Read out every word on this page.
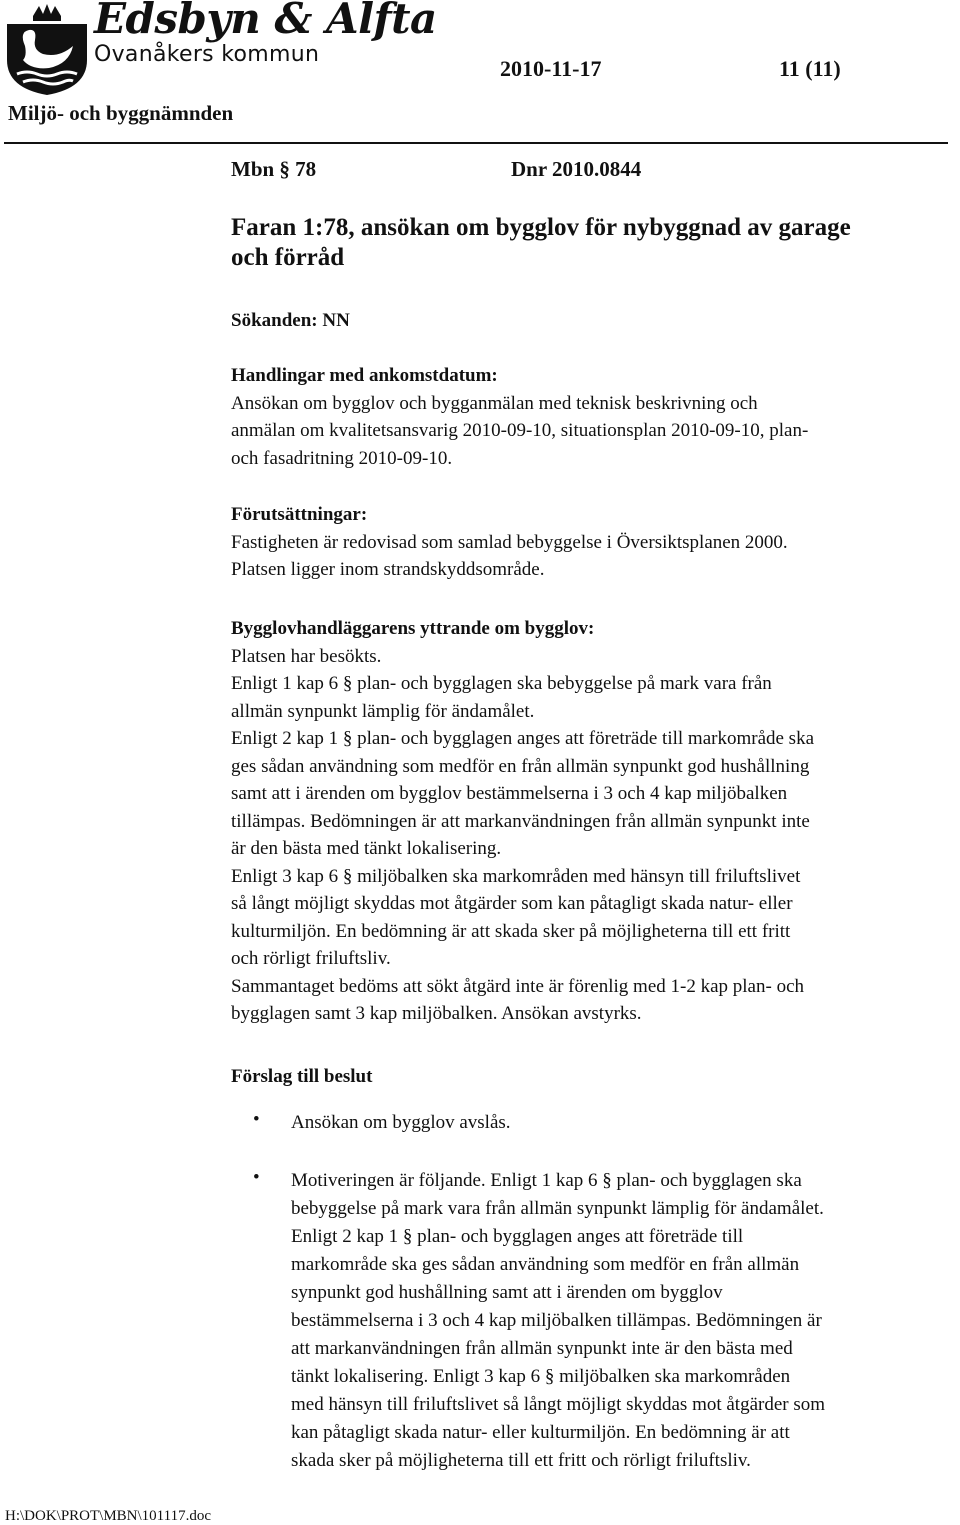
Edsbyn & Alfta
Ovanåkers kommun
2010-11-17	11 (11)
Miljö- och byggnämnden
Mbn § 78	Dnr 2010.0844
Faran 1:78, ansökan om bygglov för nybyggnad av garage
och förråd
Sökanden: NN
Handlingar med ankomstdatum:
Ansökan om bygglov och bygganmälan med teknisk beskrivning och
anmälan om kvalitetsansvarig 2010-09-10, situationsplan 2010-09-10, plan-
och fasadritning 2010-09-10.
Förutsättningar:
Fastigheten är redovisad som samlad bebyggelse i Översiktsplanen 2000.
Platsen ligger inom strandskyddsområde.
Bygglovhandläggarens yttrande om bygglov:
Platsen har besökts.
Enligt 1 kap 6 § plan- och bygglagen ska bebyggelse på mark vara från
allmän synpunkt lämplig för ändamålet.
Enligt 2 kap 1 § plan- och bygglagen anges att företräde till markområde ska
ges sådan användning som medför en från allmän synpunkt god hushållning
samt att i ärenden om bygglov bestämmelserna i 3 och 4 kap miljöbalken
tillämpas. Bedömningen är att markanvändningen från allmän synpunkt inte
är den bästa med tänkt lokalisering.
Enligt 3 kap 6 § miljöbalken ska markområden med hänsyn till friluftslivet
så långt möjligt skyddas mot åtgärder som kan påtagligt skada natur- eller
kulturmiljön. En bedömning är att skada sker på möjligheterna till ett fritt
och rörligt friluftsliv.
Sammantaget bedöms att sökt åtgärd inte är förenlig med 1-2 kap plan- och
bygglagen samt 3 kap miljöbalken. Ansökan avstyrks.
Förslag till beslut
• Ansökan om bygglov avslås.
• Motiveringen är följande. Enligt 1 kap 6 § plan- och bygglagen ska
bebyggelse på mark vara från allmän synpunkt lämplig för ändamålet.
Enligt 2 kap 1 § plan- och bygglagen anges att företräde till
markområde ska ges sådan användning som medför en från allmän
synpunkt god hushållning samt att i ärenden om bygglov
bestämmelserna i 3 och 4 kap miljöbalken tillämpas. Bedömningen är
att markanvändningen från allmän synpunkt inte är den bästa med
tänkt lokalisering. Enligt 3 kap 6 § miljöbalken ska markområden
med hänsyn till friluftslivet så långt möjligt skyddas mot åtgärder som
kan påtagligt skada natur- eller kulturmiljön. En bedömning är att
skada sker på möjligheterna till ett fritt och rörligt friluftsliv.
H:\DOK\PROT\MBN\101117.doc
